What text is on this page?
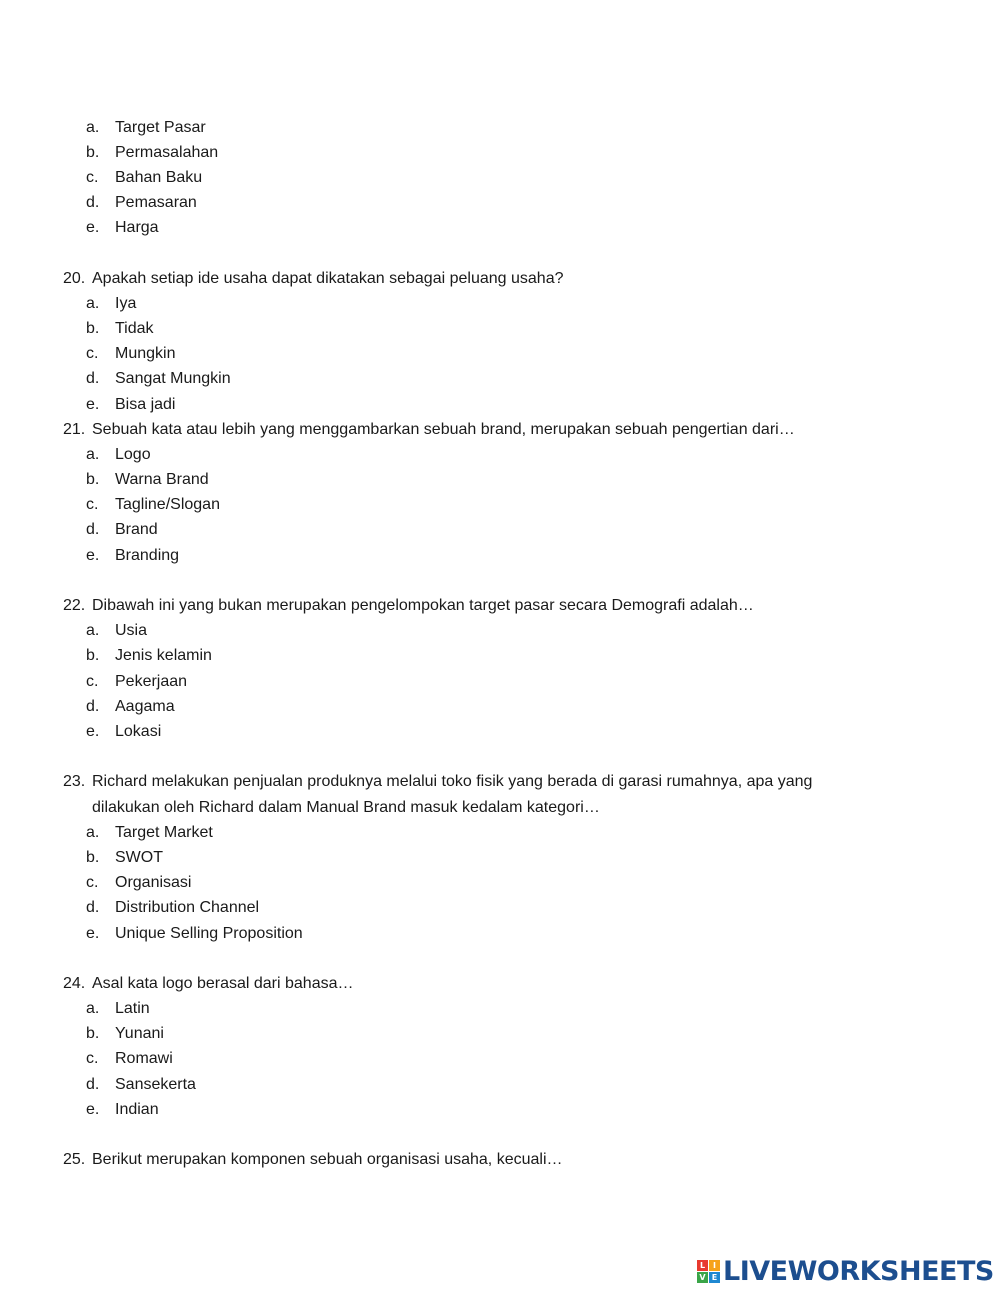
a. Target Pasar
b. Permasalahan
c.	Bahan Baku
d. Pemasaran
e. Harga
20. Apakah setiap ide usaha dapat dikatakan sebagai peluang usaha?
a. Iya
b. Tidak
c.	Mungkin
d. Sangat Mungkin
e. Bisa jadi
21. Sebuah kata atau lebih yang menggambarkan sebuah brand, merupakan sebuah pengertian dari…
a. Logo
b. Warna Brand
c.	Tagline/Slogan
d. Brand
e. Branding
22. Dibawah ini yang bukan merupakan pengelompokan target pasar secara Demografi adalah…
a. Usia
b. Jenis kelamin
c.	Pekerjaan
d. Aagama
e. Lokasi
23. Richard melakukan penjualan produknya melalui toko fisik yang berada di garasi rumahnya, apa yang
dilakukan oleh Richard dalam Manual Brand masuk kedalam kategori…
a. Target Market
b. SWOT
c.	Organisasi
d. Distribution Channel
e. Unique Selling Proposition
24. Asal kata logo berasal dari bahasa…
a. Latin
b. Yunani
c.	Romawi
d. Sansekerta
e. Indian
25. Berikut merupakan komponen sebuah organisasi usaha, kecuali…
L I
V E LIVEWORKSHEETS
